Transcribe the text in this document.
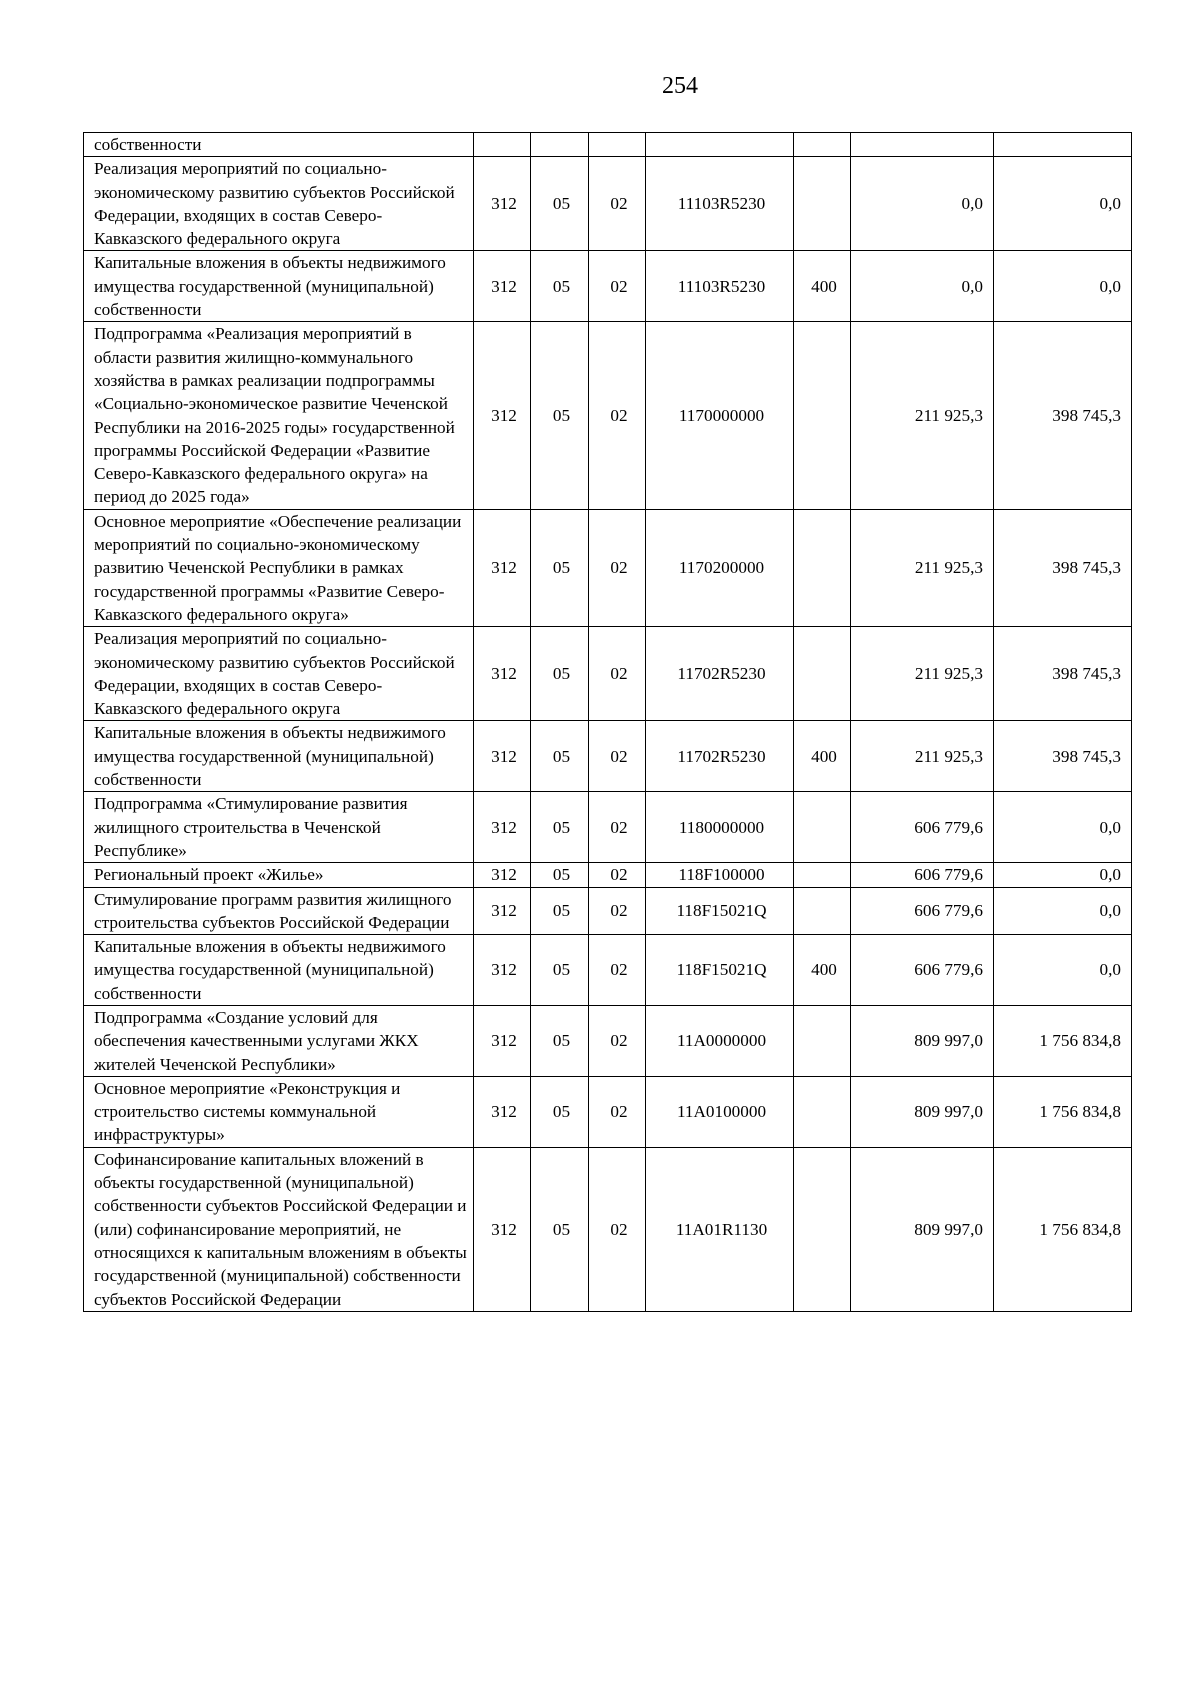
254
собственности							
Реализация мероприятий по социально-экономическому развитию субъектов Российской Федерации, входящих в состав Северо-Кавказского федерального округа	312	05	02	11103R5230		0,0	0,0
Капитальные вложения в объекты недвижимого имущества государственной (муниципальной) собственности	312	05	02	11103R5230	400	0,0	0,0
Подпрограмма «Реализация мероприятий в области развития жилищно-коммунального хозяйства в рамках реализации подпрограммы «Социально-экономическое развитие Чеченской Республики на 2016-2025 годы» государственной программы Российской Федерации «Развитие Северо-Кавказского федерального округа» на период до 2025 года»	312	05	02	1170000000		211 925,3	398 745,3
Основное мероприятие «Обеспечение реализации мероприятий по социально-экономическому развитию Чеченской Республики в рамках государственной программы «Развитие Северо-Кавказского федерального округа»	312	05	02	1170200000		211 925,3	398 745,3
Реализация мероприятий по социально-экономическому развитию субъектов Российской Федерации, входящих в состав Северо-Кавказского федерального округа	312	05	02	11702R5230		211 925,3	398 745,3
Капитальные вложения в объекты недвижимого имущества государственной (муниципальной) собственности	312	05	02	11702R5230	400	211 925,3	398 745,3
Подпрограмма «Стимулирование развития жилищного строительства в Чеченской Республике»	312	05	02	1180000000		606 779,6	0,0
Региональный проект «Жилье»	312	05	02	118F100000		606 779,6	0,0
Стимулирование программ развития жилищного строительства субъектов Российской Федерации	312	05	02	118F15021Q		606 779,6	0,0
Капитальные вложения в объекты недвижимого имущества государственной (муниципальной) собственности	312	05	02	118F15021Q	400	606 779,6	0,0
Подпрограмма «Создание условий для обеспечения качественными услугами ЖКХ жителей Чеченской Республики»	312	05	02	11A0000000		809 997,0	1 756 834,8
Основное мероприятие «Реконструкция и строительство системы коммунальной инфраструктуры»	312	05	02	11A0100000		809 997,0	1 756 834,8
Софинансирование капитальных вложений в объекты государственной (муниципальной) собственности субъектов Российской Федерации и (или) софинансирование мероприятий, не относящихся к капитальным вложениям в объекты государственной (муниципальной) собственности субъектов Российской Федерации	312	05	02	11A01R1130		809 997,0	1 756 834,8
